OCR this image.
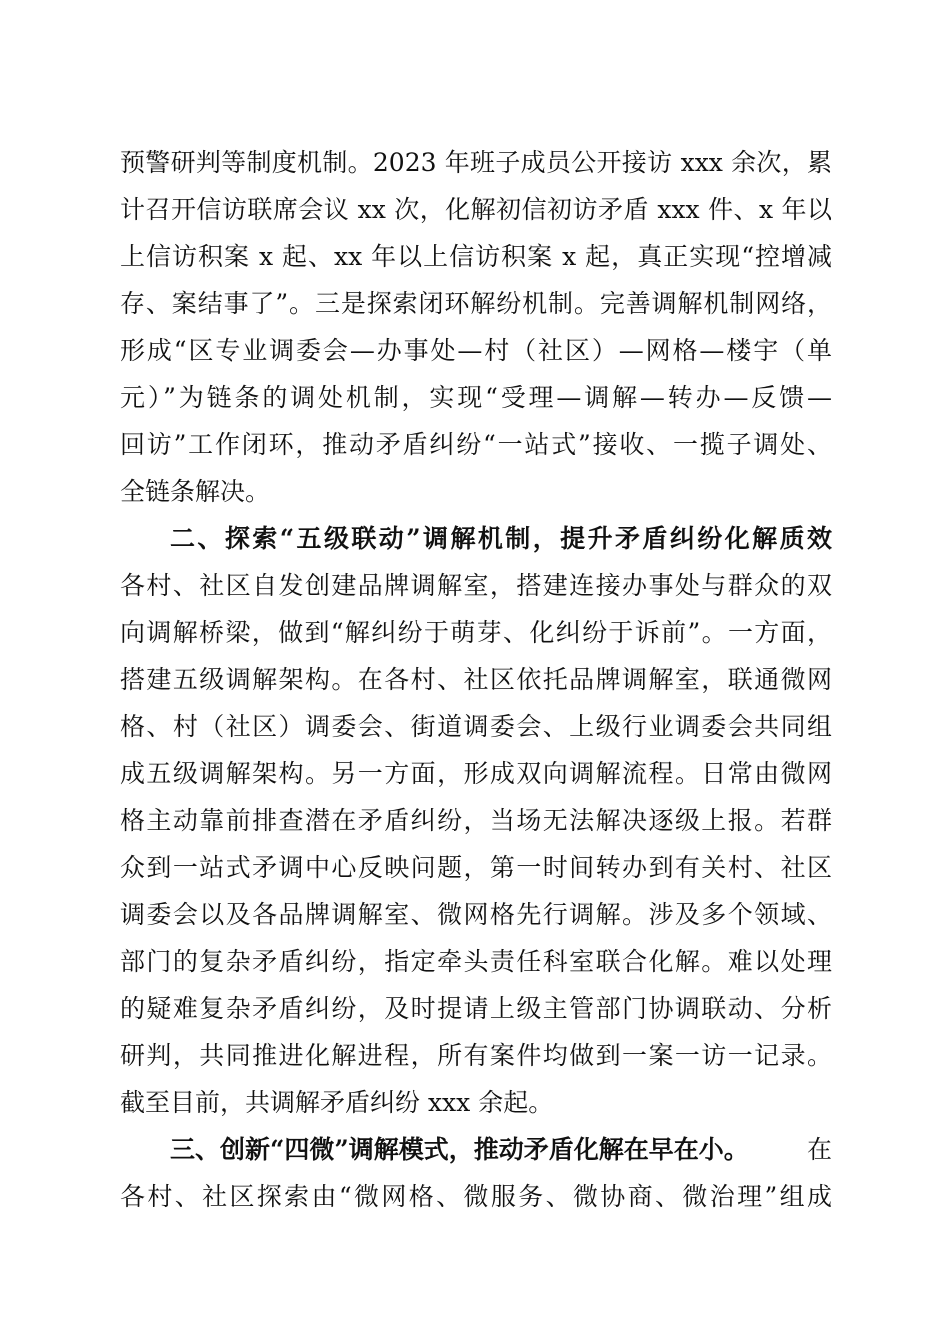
预警研判等制度机制。2023 年班子成员公开接访 xxx 余次，累
计召开信访联席会议 xx 次，化解初信初访矛盾 xxx 件、x 年以
上信访积案 x 起、xx 年以上信访积案 x 起，真正实现“控增减
存、案结事了”。三是探索闭环解纷机制。完善调解机制网络，
形成“区专业调委会—办事处—村（社区）—网格—楼宇（单
元）”为链条的调处机制，实现“受理—调解—转办—反馈—
回访”工作闭环，推动矛盾纠纷“一站式”接收、一揽子调处、
全链条解决。
二、探索“五级联动”调解机制，提升矛盾纠纷化解质效
各村、社区自发创建品牌调解室，搭建连接办事处与群众的双
向调解桥梁，做到“解纠纷于萌芽、化纠纷于诉前”。一方面，
搭建五级调解架构。在各村、社区依托品牌调解室，联通微网
格、村（社区）调委会、街道调委会、上级行业调委会共同组
成五级调解架构。另一方面，形成双向调解流程。日常由微网
格主动靠前排查潜在矛盾纠纷，当场无法解决逐级上报。若群
众到一站式矛调中心反映问题，第一时间转办到有关村、社区
调委会以及各品牌调解室、微网格先行调解。涉及多个领域、
部门的复杂矛盾纠纷，指定牵头责任科室联合化解。难以处理
的疑难复杂矛盾纠纷，及时提请上级主管部门协调联动、分析
研判，共同推进化解进程，所有案件均做到一案一访一记录。
截至目前，共调解矛盾纠纷 xxx 余起。
三、创新“四微”调解模式，推动矛盾化解在早在小。 在
各村、社区探索由“微网格、微服务、微协商、微治理”组成
